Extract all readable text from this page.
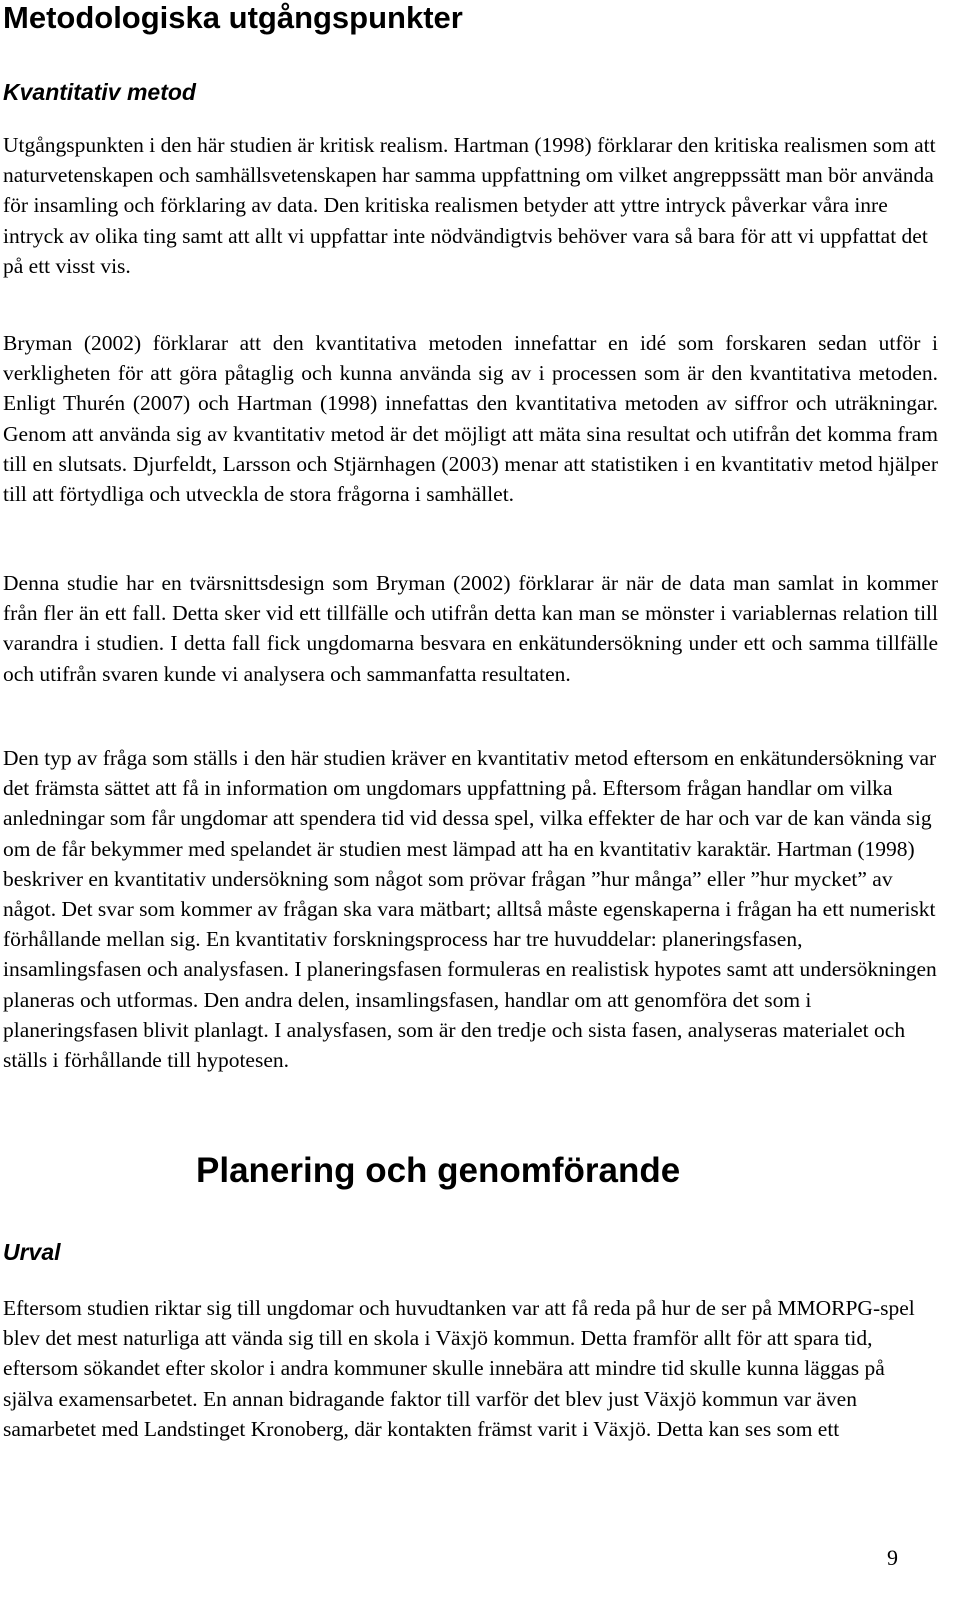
Metodologiska utgångspunkter
Kvantitativ metod

Utgångspunkten i den här studien är kritisk realism. Hartman (1998) förklarar den kritiska realismen som att naturvetenskapen och samhällsvetenskapen har samma uppfattning om vilket angreppssätt man bör använda för insamling och förklaring av data. Den kritiska realismen betyder att yttre intryck påverkar våra inre intryck av olika ting samt att allt vi uppfattar inte nödvändigtvis behöver vara så bara för att vi uppfattat det på ett visst vis.

Bryman (2002) förklarar att den kvantitativa metoden innefattar en idé som forskaren sedan utför i verkligheten för att göra påtaglig och kunna använda sig av i processen som är den kvantitativa metoden. Enligt Thurén (2007) och Hartman (1998) innefattas den kvantitativa metoden av siffror och uträkningar. Genom att använda sig av kvantitativ metod är det möjligt att mäta sina resultat och utifrån det komma fram till en slutsats. Djurfeldt, Larsson och Stjärnhagen (2003) menar att statistiken i en kvantitativ metod hjälper till att förtydliga och utveckla de stora frågorna i samhället.

Denna studie har en tvärsnittsdesign som Bryman (2002) förklarar är när de data man samlat in kommer från fler än ett fall. Detta sker vid ett tillfälle och utifrån detta kan man se mönster i variablernas relation till varandra i studien. I detta fall fick ungdomarna besvara en enkätundersökning under ett och samma tillfälle och utifrån svaren kunde vi analysera och sammanfatta resultaten.

Den typ av fråga som ställs i den här studien kräver en kvantitativ metod eftersom en enkätundersökning var det främsta sättet att få in information om ungdomars uppfattning på. Eftersom frågan handlar om vilka anledningar som får ungdomar att spendera tid vid dessa spel, vilka effekter de har och var de kan vända sig om de får bekymmer med spelandet är studien mest lämpad att ha en kvantitativ karaktär. Hartman (1998) beskriver en kvantitativ undersökning som något som prövar frågan ”hur många” eller ”hur mycket” av något. Det svar som kommer av frågan ska vara mätbart; alltså måste egenskaperna i frågan ha ett numeriskt förhållande mellan sig. En kvantitativ forskningsprocess har tre huvuddelar: planeringsfasen, insamlingsfasen och analysfasen. I planeringsfasen formuleras en realistisk hypotes samt att undersökningen planeras och utformas. Den andra delen, insamlingsfasen, handlar om att genomföra det som i planeringsfasen blivit planlagt. I analysfasen, som är den tredje och sista fasen, analyseras materialet och ställs i förhållande till hypotesen.

Planering och genomförande
Urval

Eftersom studien riktar sig till ungdomar och huvudtanken var att få reda på hur de ser på MMORPG-spel blev det mest naturliga att vända sig till en skola i Växjö kommun. Detta framför allt för att spara tid, eftersom sökandet efter skolor i andra kommuner skulle innebära att mindre tid skulle kunna läggas på själva examensarbetet. En annan bidragande faktor till varför det blev just Växjö kommun var även samarbetet med Landstinget Kronoberg, där kontakten främst varit i Växjö. Detta kan ses som ett

9
